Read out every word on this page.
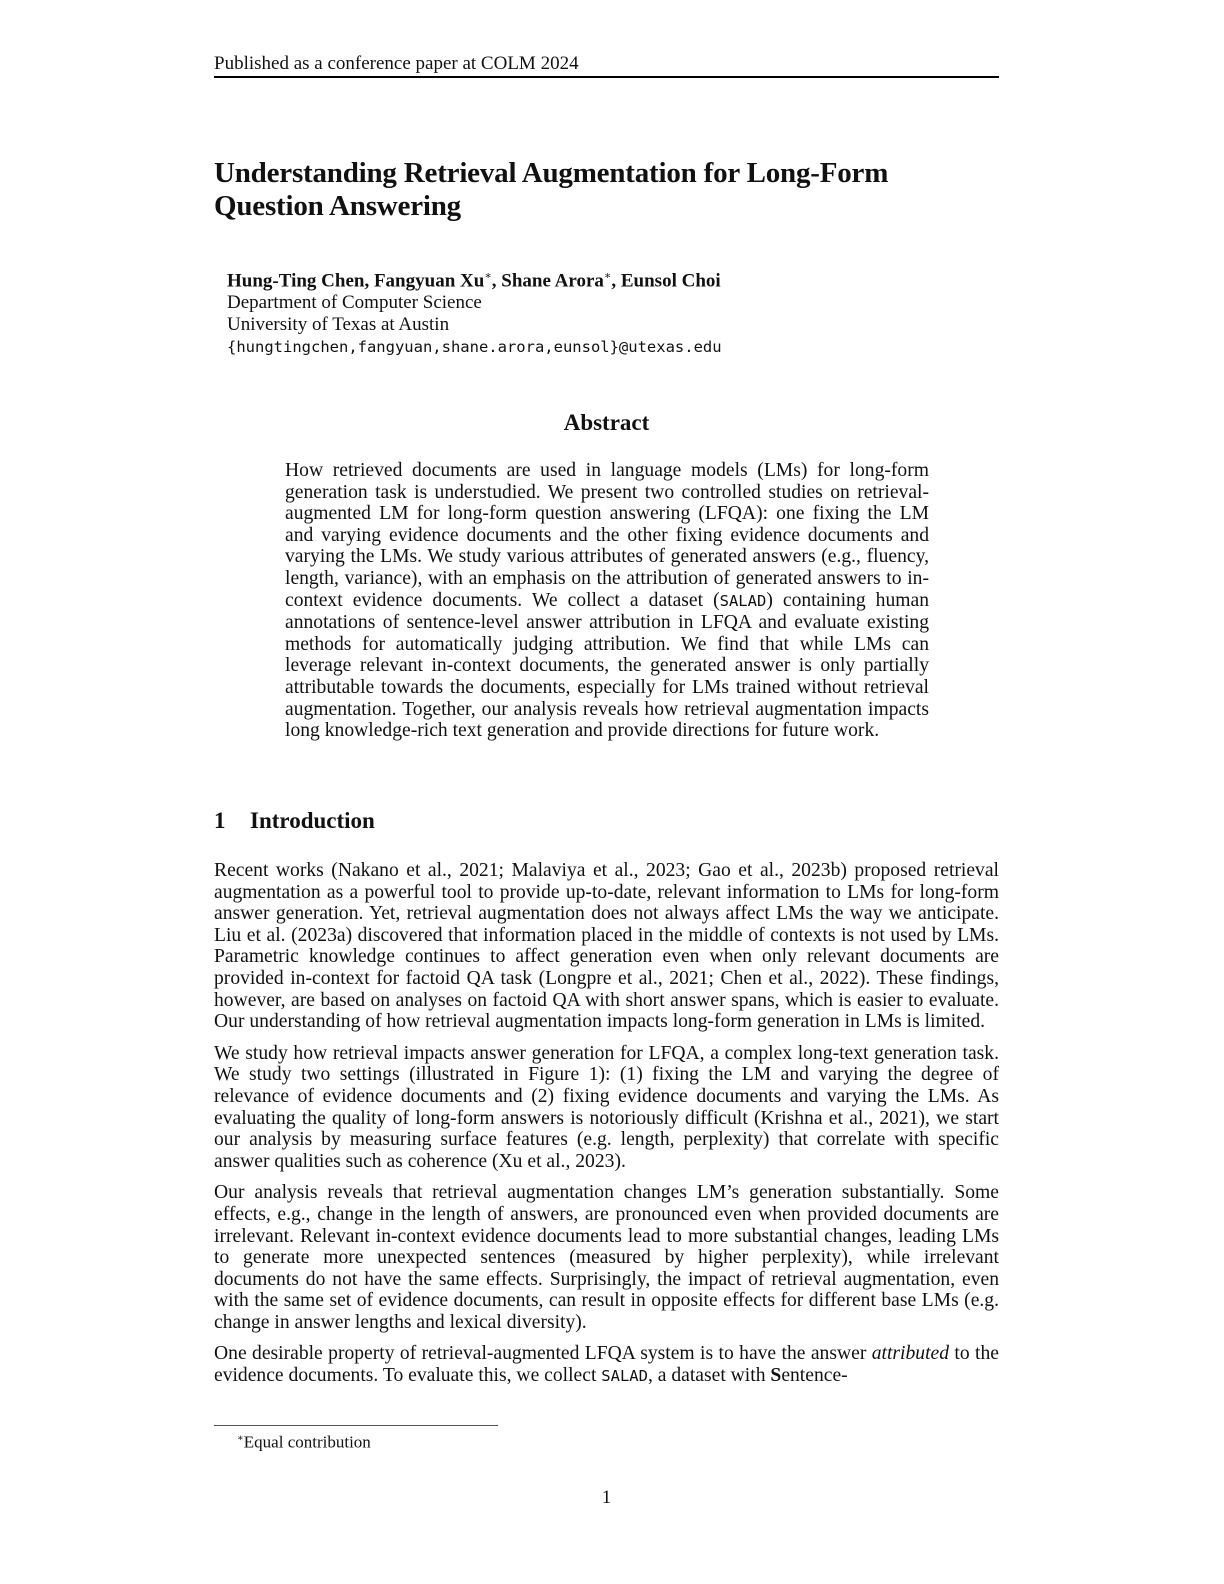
Published as a conference paper at COLM 2024
Understanding Retrieval Augmentation for Long-Form Question Answering
Hung-Ting Chen, Fangyuan Xu∗, Shane Arora∗, Eunsol Choi
Department of Computer Science
University of Texas at Austin
{hungtingchen,fangyuan,shane.arora,eunsol}@utexas.edu
Abstract
How retrieved documents are used in language models (LMs) for long-form generation task is understudied. We present two controlled studies on retrieval-augmented LM for long-form question answering (LFQA): one fixing the LM and varying evidence documents and the other fixing evidence documents and varying the LMs. We study various attributes of generated answers (e.g., fluency, length, variance), with an emphasis on the attribution of generated answers to in-context evidence documents. We collect a dataset (SALAD) containing human annotations of sentence-level answer attribution in LFQA and evaluate existing methods for automatically judging attribution. We find that while LMs can leverage relevant in-context documents, the generated answer is only partially attributable towards the documents, especially for LMs trained without retrieval augmentation. Together, our analysis reveals how retrieval augmentation impacts long knowledge-rich text generation and provide directions for future work.
1 Introduction

Recent works (Nakano et al., 2021; Malaviya et al., 2023; Gao et al., 2023b) proposed retrieval augmentation as a powerful tool to provide up-to-date, relevant information to LMs for long-form answer generation. Yet, retrieval augmentation does not always affect LMs the way we anticipate. Liu et al. (2023a) discovered that information placed in the middle of contexts is not used by LMs. Parametric knowledge continues to affect generation even when only relevant documents are provided in-context for factoid QA task (Longpre et al., 2021; Chen et al., 2022). These findings, however, are based on analyses on factoid QA with short answer spans, which is easier to evaluate. Our understanding of how retrieval augmentation impacts long-form generation in LMs is limited.

We study how retrieval impacts answer generation for LFQA, a complex long-text generation task. We study two settings (illustrated in Figure 1): (1) fixing the LM and varying the degree of relevance of evidence documents and (2) fixing evidence documents and varying the LMs. As evaluating the quality of long-form answers is notoriously difficult (Krishna et al., 2021), we start our analysis by measuring surface features (e.g. length, perplexity) that correlate with specific answer qualities such as coherence (Xu et al., 2023).

Our analysis reveals that retrieval augmentation changes LM’s generation substantially. Some effects, e.g., change in the length of answers, are pronounced even when provided documents are irrelevant. Relevant in-context evidence documents lead to more substantial changes, leading LMs to generate more unexpected sentences (measured by higher perplexity), while irrelevant documents do not have the same effects. Surprisingly, the impact of retrieval augmentation, even with the same set of evidence documents, can result in opposite effects for different base LMs (e.g. change in answer lengths and lexical diversity).

One desirable property of retrieval-augmented LFQA system is to have the answer attributed to the evidence documents. To evaluate this, we collect SALAD, a dataset with Sentence-

∗Equal contribution
1
